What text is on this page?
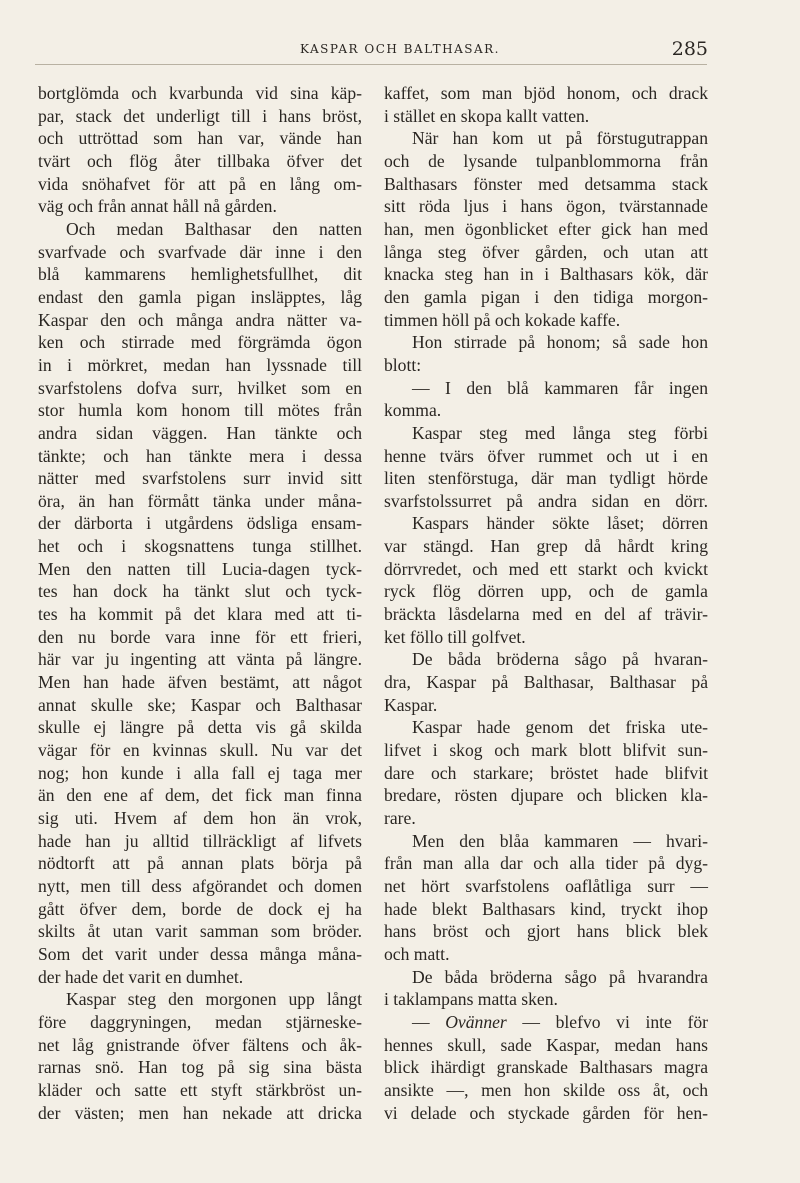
KASPAR OCH BALTHASAR.	285
bortglömda och kvarbunda vid sina käp-
par, stack det underligt till i hans bröst,
och uttröttad som han var, vände han
tvärt och flög åter tillbaka öfver det
vida snöhafvet för att på en lång om-
väg och från annat håll nå gården.
Och medan Balthasar den natten
svarfvade och svarfvade där inne i den
blå kammarens hemlighetsfullhet, dit
endast den gamla pigan insläpptes, låg
Kaspar den och många andra nätter va-
ken och stirrade med förgrämda ögon
in i mörkret, medan han lyssnade till
svarfstolens dofva surr, hvilket som en
stor humla kom honom till mötes från
andra sidan väggen. Han tänkte och
tänkte; och han tänkte mera i dessa
nätter med svarfstolens surr invid sitt
öra, än han förmått tänka under måna-
der därborta i utgårdens ödsliga ensam-
het och i skogsnattens tunga stillhet.
Men den natten till Lucia-dagen tyck-
tes han dock ha tänkt slut och tyck-
tes ha kommit på det klara med att ti-
den nu borde vara inne för ett frieri,
här var ju ingenting att vänta på längre.
Men han hade äfven bestämt, att något
annat skulle ske; Kaspar och Balthasar
skulle ej längre på detta vis gå skilda
vägar för en kvinnas skull. Nu var det
nog; hon kunde i alla fall ej taga mer
än den ene af dem, det fick man finna
sig uti. Hvem af dem hon än vrok,
hade han ju alltid tillräckligt af lifvets
nödtorft att på annan plats börja på
nytt, men till dess afgörandet och domen
gått öfver dem, borde de dock ej ha
skilts åt utan varit samman som bröder.
Som det varit under dessa många måna-
der hade det varit en dumhet.
Kaspar steg den morgonen upp långt
före daggryningen, medan stjärneske-
net låg gnistrande öfver fältens och åk-
rarnas snö. Han tog på sig sina bästa
kläder och satte ett styft stärkbröst un-
der västen; men han nekade att dricka
kaffet, som man bjöd honom, och drack
i stället en skopa kallt vatten.
När han kom ut på förstugutrappan
och de lysande tulpanblommorna från
Balthasars fönster med detsamma stack
sitt röda ljus i hans ögon, tvärstannade
han, men ögonblicket efter gick han med
långa steg öfver gården, och utan att
knacka steg han in i Balthasars kök, där
den gamla pigan i den tidiga morgon-
timmen höll på och kokade kaffe.
Hon stirrade på honom; så sade hon
blott:
— I den blå kammaren får ingen
komma.
Kaspar steg med långa steg förbi
henne tvärs öfver rummet och ut i en
liten stenförstuga, där man tydligt hörde
svarfstolssurret på andra sidan en dörr.
Kaspars händer sökte låset; dörren
var stängd. Han grep då hårdt kring
dörrvredet, och med ett starkt och kvickt
ryck flög dörren upp, och de gamla
bräckta låsdelarna med en del af trävir-
ket föllo till golfvet.
De båda bröderna sågo på hvaran-
dra, Kaspar på Balthasar, Balthasar på
Kaspar.
Kaspar hade genom det friska ute-
lifvet i skog och mark blott blifvit sun-
dare och starkare; bröstet hade blifvit
bredare, rösten djupare och blicken kla-
rare.
Men den blåa kammaren — hvari-
från man alla dar och alla tider på dyg-
net hört svarfstolens oaflåtliga surr —
hade blekt Balthasars kind, tryckt ihop
hans bröst och gjort hans blick blek
och matt.
De båda bröderna sågo på hvarandra
i taklampans matta sken.
— Ovänner — blefvo vi inte för
hennes skull, sade Kaspar, medan hans
blick ihärdigt granskade Balthasars magra
ansikte —, men hon skilde oss åt, och
vi delade och styckade gården för hen-
